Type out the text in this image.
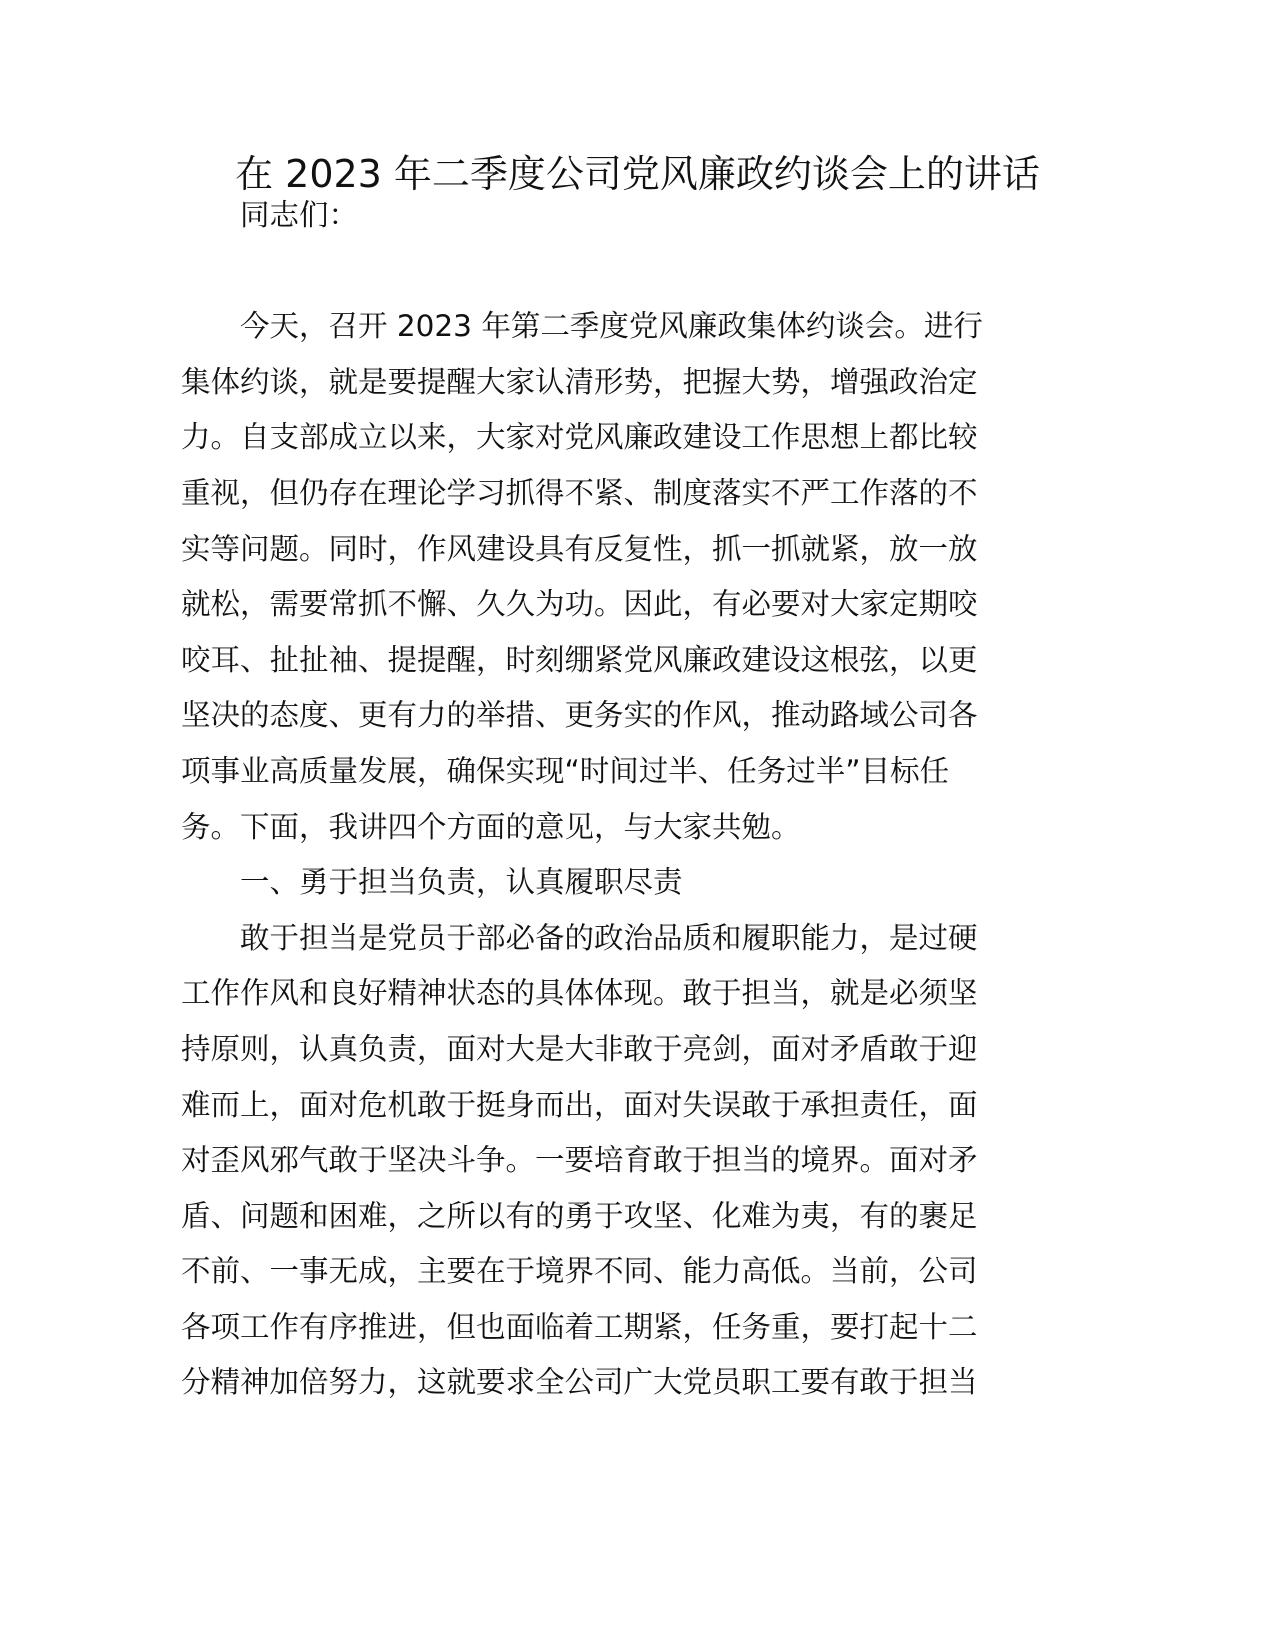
在 2023 年二季度公司党风廉政约谈会上的讲话
同志们：
今天，召开 2023 年第二季度党风廉政集体约谈会。进行
集体约谈，就是要提醒大家认清形势，把握大势，增强政治定
力。自支部成立以来，大家对党风廉政建设工作思想上都比较
重视，但仍存在理论学习抓得不紧、制度落实不严工作落的不
实等问题。同时，作风建设具有反复性，抓一抓就紧，放一放
就松，需要常抓不懈、久久为功。因此，有必要对大家定期咬
咬耳、扯扯袖、提提醒，时刻绷紧党风廉政建设这根弦，以更
坚决的态度、更有力的举措、更务实的作风，推动路域公司各
项事业高质量发展，确保实现“时间过半、任务过半”目标任
务。下面，我讲四个方面的意见，与大家共勉。
一、勇于担当负责，认真履职尽责
敢于担当是党员于部必备的政治品质和履职能力，是过硬
工作作风和良好精神状态的具体体现。敢于担当，就是必须坚
持原则，认真负责，面对大是大非敢于亮剑，面对矛盾敢于迎
难而上，面对危机敢于挺身而出，面对失误敢于承担责任，面
对歪风邪气敢于坚决斗争。一要培育敢于担当的境界。面对矛
盾、问题和困难，之所以有的勇于攻坚、化难为夷，有的裹足
不前、一事无成，主要在于境界不同、能力高低。当前，公司
各项工作有序推进，但也面临着工期紧，任务重，要打起十二
分精神加倍努力，这就要求全公司广大党员职工要有敢于担当
